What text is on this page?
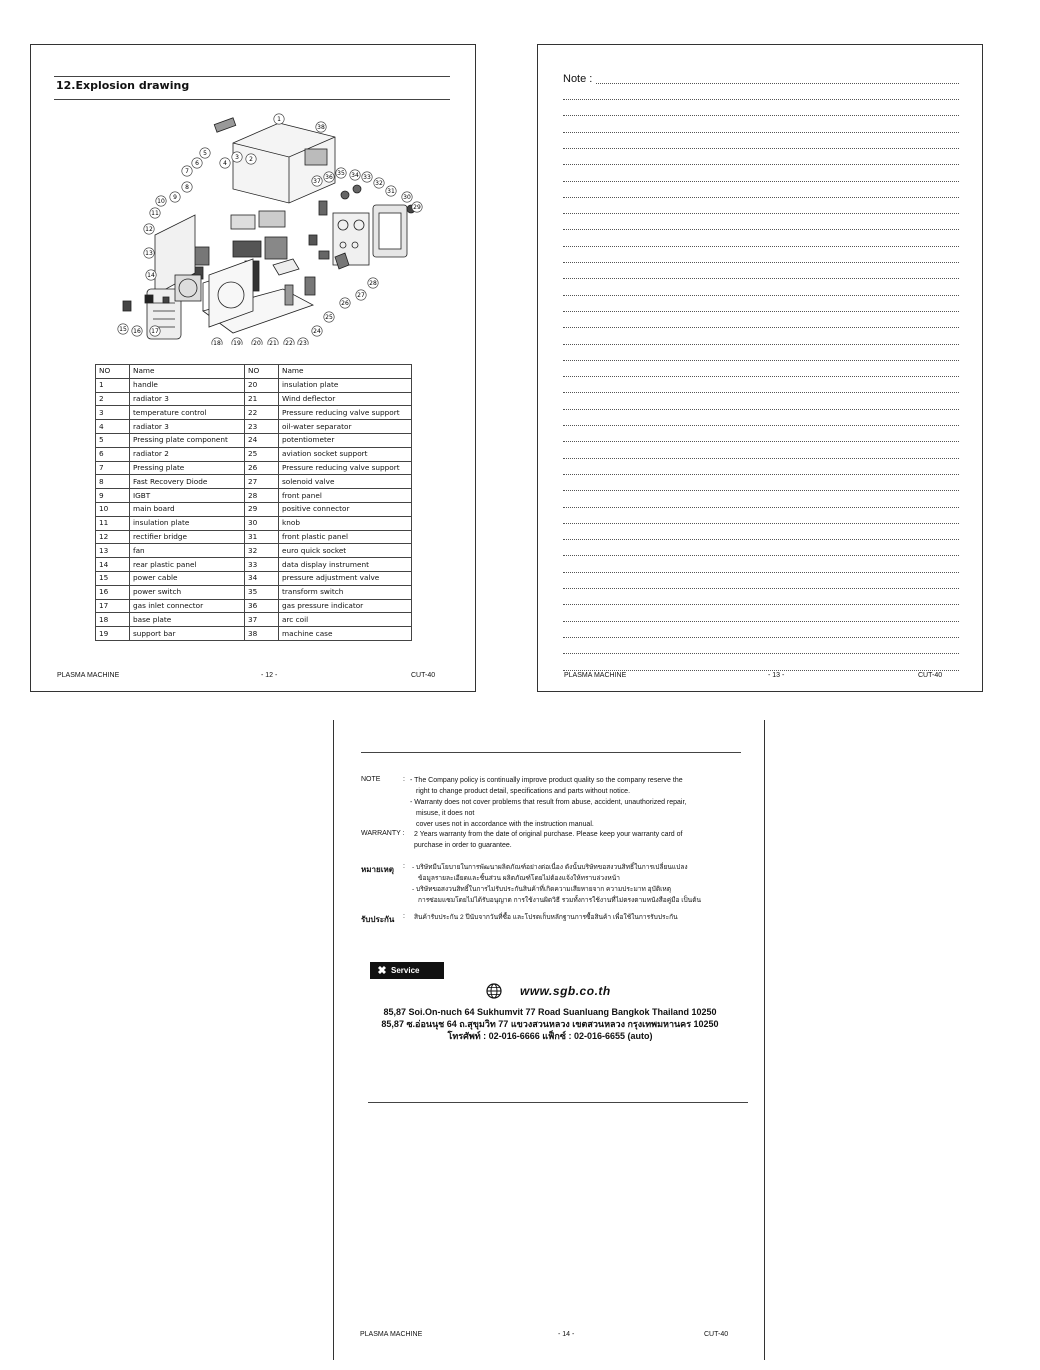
12.Explosion drawing
1
38
2
3
4
5
6
7
8
9
10
11
12
13
14
15 16 17
18 19 20 21 22 23
24
25
26
27
28
29
30
31
32
33
34
35
36
37
NO	Name	NO	Name
1	handle	20	insulation plate
2	radiator 3	21	Wind deflector
3	temperature control	22	Pressure reducing valve support
4	radiator 3	23	oil-water separator
5	Pressing plate component	24	potentiometer
6	radiator 2	25	aviation socket support
7	Pressing plate	26	Pressure reducing valve support
8	Fast Recovery Diode	27	solenoid valve
9	IGBT	28	front panel
10	main board	29	positive connector
11	insulation plate	30	knob
12	rectifier bridge	31	front plastic panel
13	fan	32	euro quick socket
14	rear plastic panel	33	data display instrument
15	power cable	34	pressure adjustment valve
16	power switch	35	transform switch
17	gas inlet connector	36	gas pressure indicator
18	base plate	37	arc coil
19	support bar	38	machine case
PLASMA MACHINE	- 12 -	CUT-40
Note :
PLASMA MACHINE	- 13 -	CUT-40
NOTE	: - The Company policy is continually improve product quality so the company reserve the
right to change product detail, specifications and parts without notice.
- Warranty does not cover problems that result from abuse, accident, unauthorized repair,
misuse, it does not
cover uses not in accordance with the instruction manual.
WARRANTY : 2 Years warranty from the date of original purchase. Please keep your warranty card of
purchase in order to guarantee.
หมายเหตุ : - บริษัทมีนโยบายในการพัฒนาผลิตภัณฑ์อย่างต่อเนื่อง ดังนั้นบริษัทขอสงวนสิทธิ์ในการเปลี่ยนแปลง
ข้อมูลรายละเอียดและชิ้นส่วน ผลิตภัณฑ์โดยไม่ต้องแจ้งให้ทราบล่วงหน้า
- บริษัทขอสงวนสิทธิ์ในการไม่รับประกันสินค้าที่เกิดความเสียหายจาก ความประมาท อุบัติเหตุ
การซ่อมแซมโดยไม่ได้รับอนุญาต การใช้งานผิดวิธี รวมทั้งการใช้งานที่ไม่ตรงตามหนังสือคู่มือ เป็นต้น
รับประกัน : สินค้ารับประกัน 2 ปีนับจากวันที่ซื้อ และโปรดเก็บหลักฐานการซื้อสินค้า เพื่อใช้ในการรับประกัน
✖ Service
www.sgb.co.th
85,87 Soi.On-nuch 64 Sukhumvit 77 Road Suanluang Bangkok Thailand 10250
85,87 ซ.อ่อนนุช 64 ถ.สุขุมวิท 77 แขวงสวนหลวง เขตสวนหลวง กรุงเทพมหานคร 10250
โทรศัพท์ : 02-016-6666 แฟ็กซ์ : 02-016-6655 (auto)
PLASMA MACHINE	- 14 -	CUT-40
